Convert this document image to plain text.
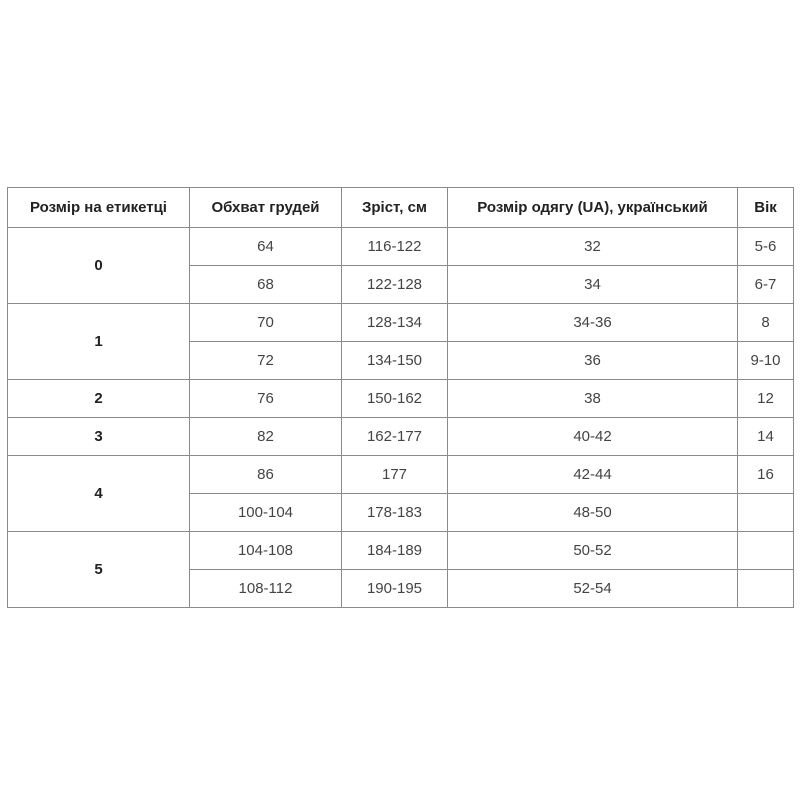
Розмір на етикетці	Обхват грудей	Зріст, см	Розмір одягу (UA), український	Вік
0	64	116-122	32	5-6
	68	122-128	34	6-7
1	70	128-134	34-36	8
	72	134-150	36	9-10
2	76	150-162	38	12
3	82	162-177	40-42	14
4	86	177	42-44	16
	100-104	178-183	48-50	
5	104-108	184-189	50-52	
	108-112	190-195	52-54	
